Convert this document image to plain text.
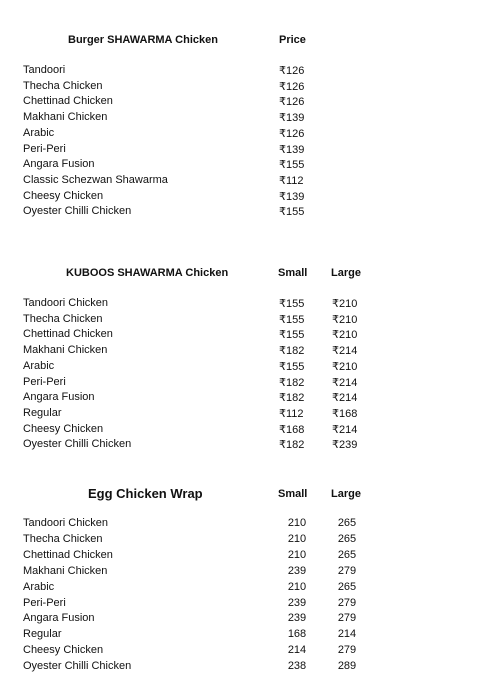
Burger SHAWARMA Chicken	Price
Tandoori	₹126
Thecha Chicken	₹126
Chettinad Chicken	₹126
Makhani Chicken	₹139
Arabic	₹126
Peri-Peri	₹139
Angara Fusion	₹155
Classic Schezwan Shawarma	₹112
Cheesy Chicken	₹139
Oyester Chilli Chicken	₹155
KUBOOS SHAWARMA Chicken	Small Large
Tandoori Chicken	₹155	₹210
Thecha Chicken	₹155	₹210
Chettinad Chicken	₹155	₹210
Makhani Chicken	₹182	₹214
Arabic	₹155	₹210
Peri-Peri	₹182	₹214
Angara Fusion	₹182	₹214
Regular	₹112	₹168
Cheesy Chicken	₹168	₹214
Oyester Chilli Chicken	₹182	₹239
Egg Chicken Wrap	Small Large
Tandoori Chicken	210	265
Thecha Chicken	210	265
Chettinad Chicken	210	265
Makhani Chicken	239	279
Arabic	210	265
Peri-Peri	239	279
Angara Fusion	239	279
Regular	168	214
Cheesy Chicken	214	279
Oyester Chilli Chicken	238	289
